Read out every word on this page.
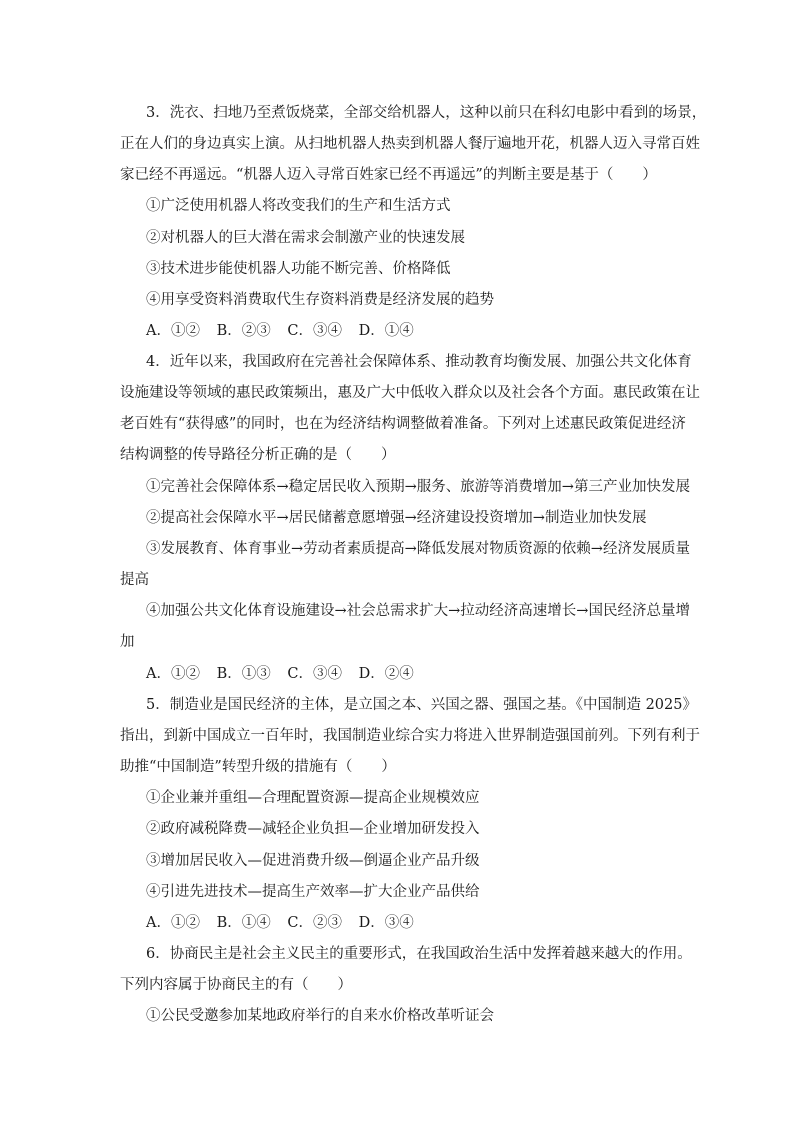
3．洗衣、扫地乃至煮饭烧菜，全部交给机器人，这种以前只在科幻电影中看到的场景，
正在人们的身边真实上演。从扫地机器人热卖到机器人餐厅遍地开花，机器人迈入寻常百姓
家已经不再遥远。“机器人迈入寻常百姓家已经不再遥远”的判断主要是基于（　　）
①广泛使用机器人将改变我们的生产和生活方式
②对机器人的巨大潜在需求会制激产业的快速发展
③技术进步能使机器人功能不断完善、价格降低
④用享受资料消费取代生存资料消费是经济发展的趋势
A．①② B．②③ C．③④ D．①④
4．近年以来，我国政府在完善社会保障体系、推动教育均衡发展、加强公共文化体育
设施建设等领域的惠民政策频出，惠及广大中低收入群众以及社会各个方面。惠民政策在让
老百姓有“获得感”的同时，也在为经济结构调整做着准备。下列对上述惠民政策促进经济
结构调整的传导路径分析正确的是（　　）
①完善社会保障体系→稳定居民收入预期→服务、旅游等消费增加→第三产业加快发展
②提高社会保障水平→居民储蓄意愿增强→经济建设投资增加→制造业加快发展
③发展教育、体育事业→劳动者素质提高→降低发展对物质资源的依赖→经济发展质量
提高
④加强公共文化体育设施建设→社会总需求扩大→拉动经济高速增长→国民经济总量增
加
A．①② B．①③ C．③④ D．②④
5．制造业是国民经济的主体，是立国之本、兴国之器、强国之基。《中国制造 2025》
指出，到新中国成立一百年时，我国制造业综合实力将进入世界制造强国前列。下列有利于
助推“中国制造”转型升级的措施有（　　）
①企业兼并重组—合理配置资源—提高企业规模效应
②政府减税降费—减轻企业负担—企业增加研发投入
③增加居民收入—促进消费升级—倒逼企业产品升级
④引进先进技术—提高生产效率—扩大企业产品供给
A．①② B．①④ C．②③ D．③④
6．协商民主是社会主义民主的重要形式，在我国政治生活中发挥着越来越大的作用。
下列内容属于协商民主的有（　　）
①公民受邀参加某地政府举行的自来水价格改革听证会
